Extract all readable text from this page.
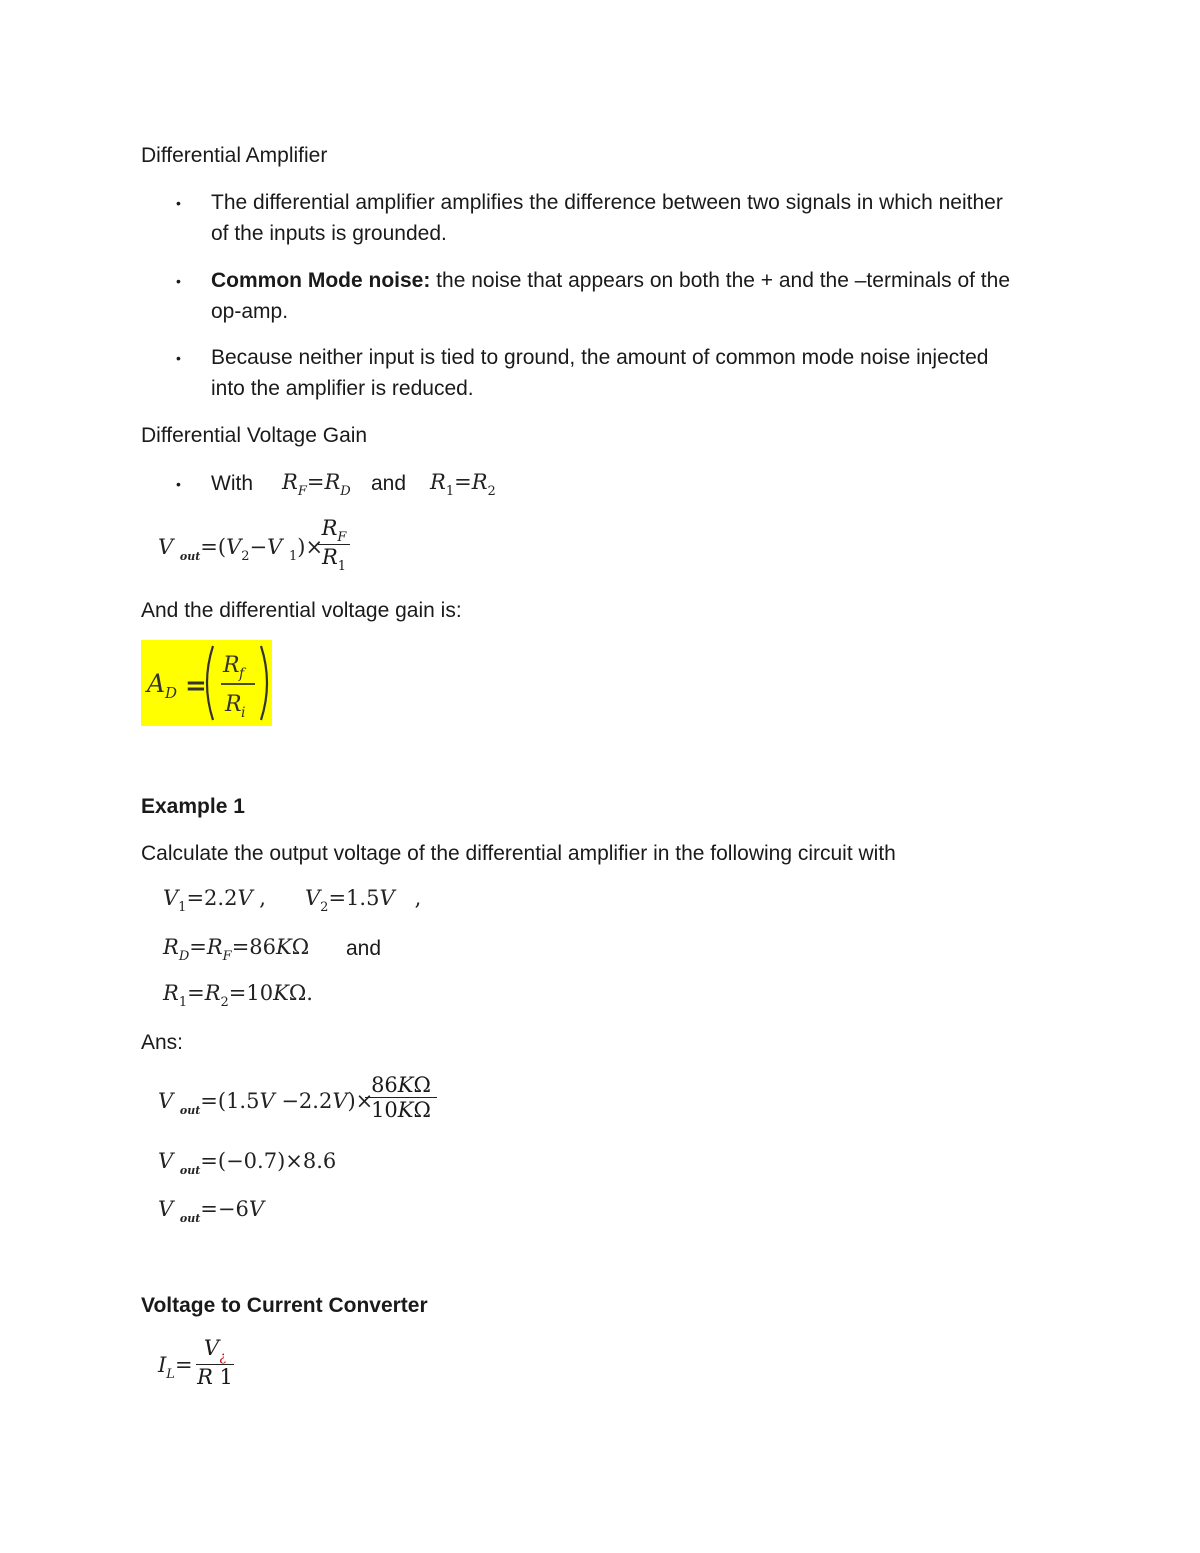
Differential Amplifier
• The differential amplifier amplifies the difference between two signals in which neither
of the inputs is grounded.
• Common Mode noise: the noise that appears on both the + and the –terminals of the
op-amp.
• Because neither input is tied to ground, the amount of common mode noise injected
into the amplifier is reduced.
Differential Voltage Gain
• With $R_F=R_D$ and $R_1=R_2$
V $_{out}=(V_2-V$ $_1$)×
$R_F$
$R_1$
And the differential voltage gain is:
A D =
R f
R i
Example 1
Calculate the output voltage of the differential amplifier in the following circuit with
$V_1=2.2V$ , $V_2=1.5V$   ,
$R_D=R_F=86K\Omega$ and
$R_1=R_2=10K\Omega$.
Ans:
V $_{out}$=(1.5V −2.2V)×
86KΩ
10KΩ
V $_{out}$=(−0.7)×8.6
V $_{out}$=−6V
Voltage to Current Converter
$I_L=$
$V_¿$
R 1
